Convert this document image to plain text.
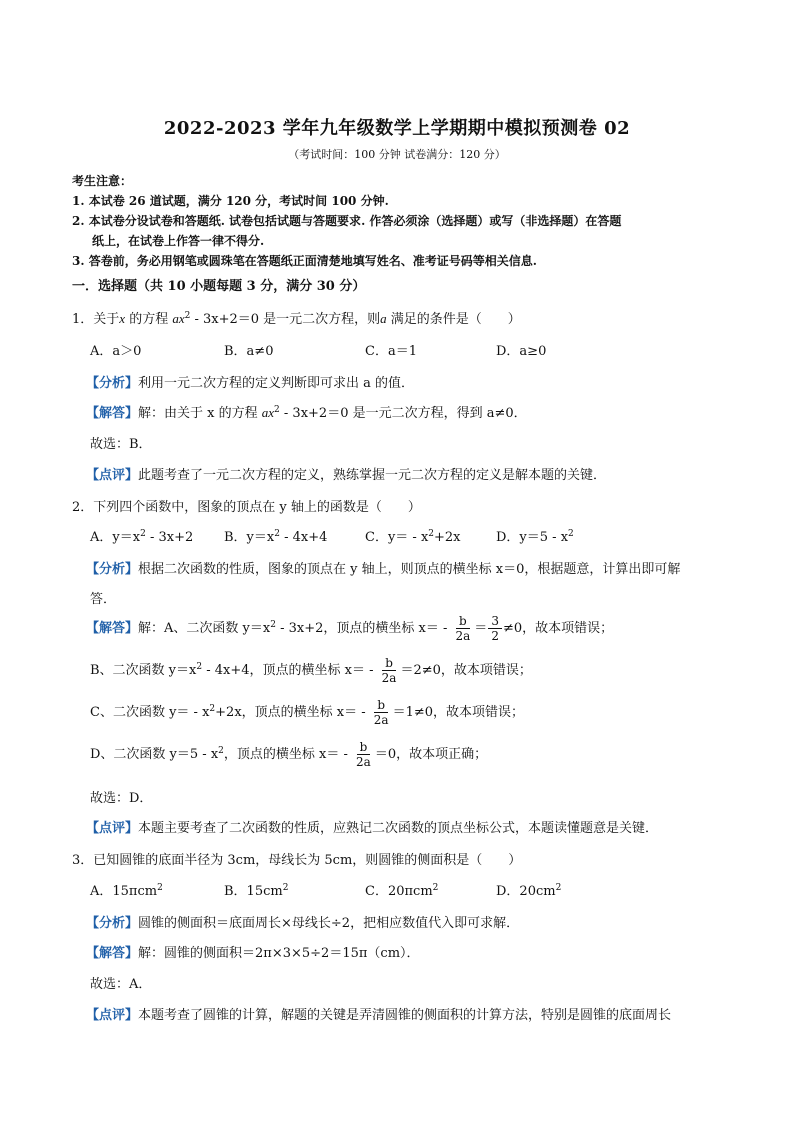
2022-2023 学年九年级数学上学期期中模拟预测卷 02
（考试时间：100 分钟 试卷满分：120 分）
考生注意：
1. 本试卷 26 道试题，满分 120 分，考试时间 100 分钟.
2. 本试卷分设试卷和答题纸. 试卷包括试题与答题要求. 作答必须涂（选择题）或写（非选择题）在答题
纸上，在试卷上作答一律不得分.
3. 答卷前，务必用钢笔或圆珠笔在答题纸正面清楚地填写姓名、准考证号码等相关信息.
一．选择题（共 10 小题每题 3 分，满分 30 分）
1．关于x 的方程 $ax^2 - 3x+2=0$ 是一元二次方程，则a 满足的条件是（　　）
A．a＞0	B．a≠0	C．a＝1	D．a≥0
【分析】利用一元二次方程的定义判断即可求出 a 的值．
【解答】解：由关于 x 的方程 $ax^2 - 3x+2=0$ 是一元二次方程，得到 a≠0．
故选：B．
【点评】此题考查了一元二次方程的定义，熟练掌握一元二次方程的定义是解本题的关键．
2．下列四个函数中，图象的顶点在 y 轴上的函数是（　　）
A．$y=x^2 - 3x+2$ B．$y=x^2 - 4x+4$	C．$y= - x^2+2x$	D．$y=5 - x^2$
【分析】根据二次函数的性质，图象的顶点在 y 轴上，则顶点的横坐标 x＝0，根据题意，计算出即可解
答．
【解答】解：A、二次函数 $y=x^2 - 3x+2$，顶点的横坐标 $x= - \frac{b}{2a} = \frac{3}{2} \ne 0$，故本项错误；
B、二次函数 $y=x^2 - 4x+4$，顶点的横坐标 $x= - \frac{b}{2a} =2\ne 0$，故本项错误；
C、二次函数 $y= - x^2+2x$，顶点的横坐标 $x= - \frac{b}{2a} =1\ne 0$，故本项错误；
D、二次函数 $y=5 - x^2$，顶点的横坐标 $x= - \frac{b}{2a} =0$，故本项正确；
故选：D．
【点评】本题主要考查了二次函数的性质，应熟记二次函数的顶点坐标公式，本题读懂题意是关键．
3．已知圆锥的底面半径为 3cm，母线长为 5cm，则圆锥的侧面积是（　　）
A．15πcm$^2$	B．$15cm^2$	C．20πcm$^2$	D．$20cm^2$
【分析】圆锥的侧面积＝底面周长×母线长÷2，把相应数值代入即可求解．
【解答】解：圆锥的侧面积＝2π×3×5÷2＝15π（cm）．
故选：A．
【点评】本题考查了圆锥的计算，解题的关键是弄清圆锥的侧面积的计算方法，特别是圆锥的底面周长
